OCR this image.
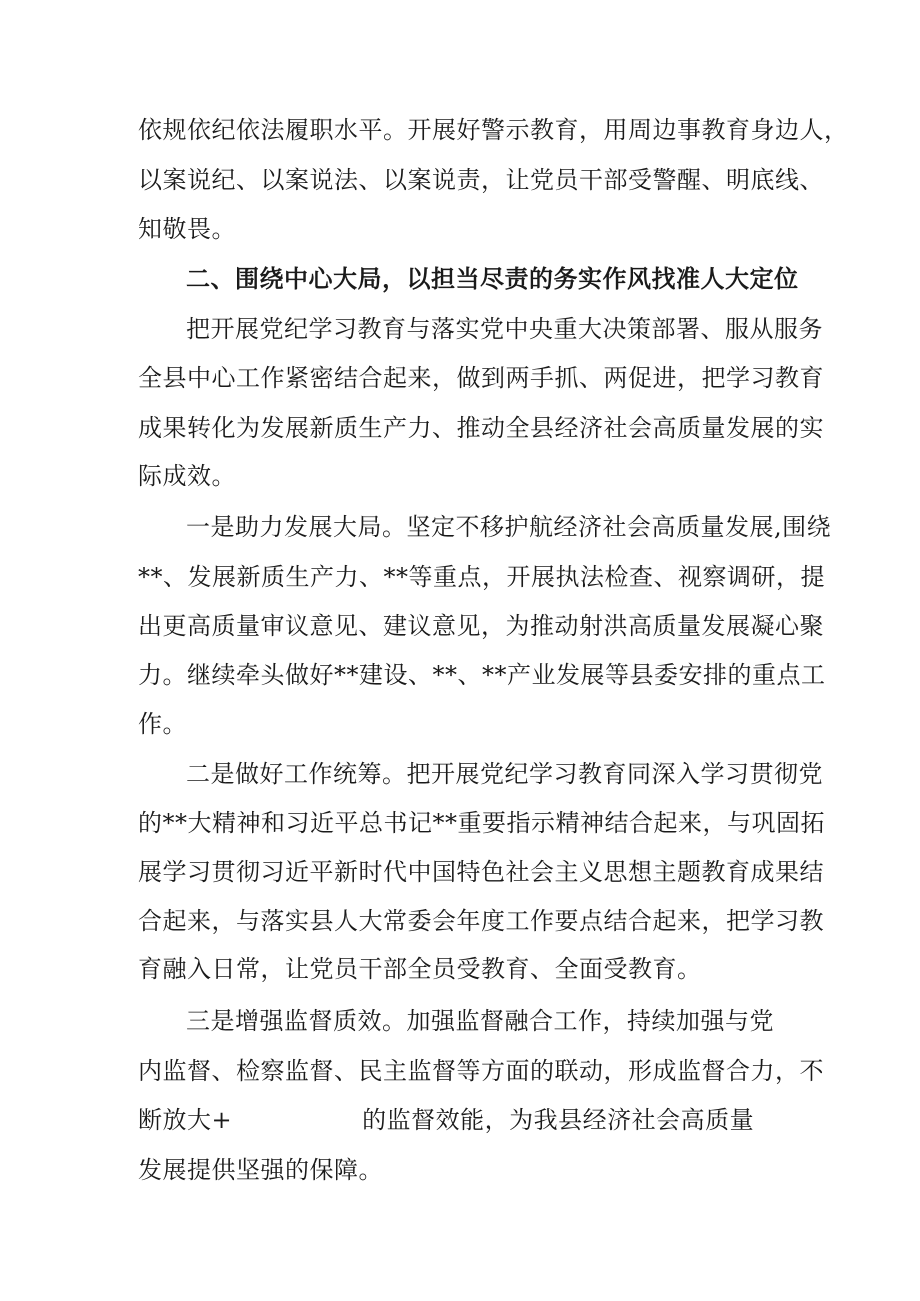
依规依纪依法履职水平。开展好警示教育，用周边事教育身边人，
以案说纪、以案说法、以案说责，让党员干部受警醒、明底线、
知敬畏。
二、围绕中心大局，以担当尽责的务实作风找准人大定位
把开展党纪学习教育与落实党中央重大决策部署、服从服务
全县中心工作紧密结合起来，做到两手抓、两促进，把学习教育
成果转化为发展新质生产力、推动全县经济社会高质量发展的实
际成效。
一是助力发展大局。坚定不移护航经济社会高质量发展,围绕
**、发展新质生产力、**等重点，开展执法检查、视察调研，提
出更高质量审议意见、建议意见，为推动射洪高质量发展凝心聚
力。继续牵头做好**建设、**、**产业发展等县委安排的重点工
作。
二是做好工作统筹。把开展党纪学习教育同深入学习贯彻党
的**大精神和习近平总书记**重要指示精神结合起来，与巩固拓
展学习贯彻习近平新时代中国特色社会主义思想主题教育成果结
合起来，与落实县人大常委会年度工作要点结合起来，把学习教
育融入日常，让党员干部全员受教育、全面受教育。
三是增强监督质效。加强监督融合工作，持续加强与党
内监督、检察监督、民主监督等方面的联动，形成监督合力，不
断放大+	的监督效能，为我县经济社会高质量
发展提供坚强的保障。
